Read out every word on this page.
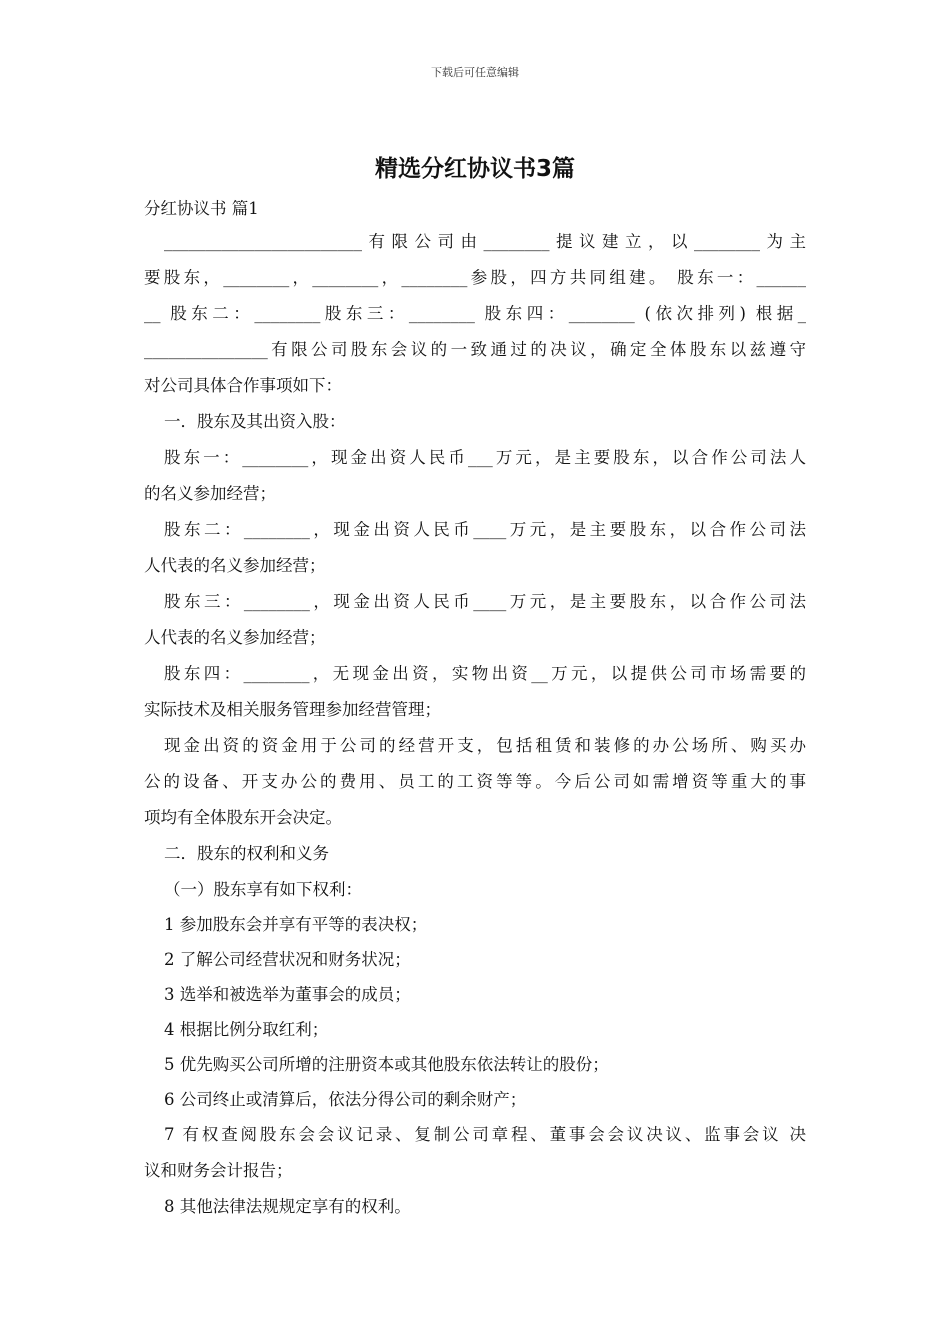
下载后可任意编辑
精选分红协议书3篇
分红协议书 篇1
________________________有限公司由________提议建立，以________为主
要股东，________，________，________参股，四方共同组建。 股东一：______
__ 股东二：________股东三：________ 股东四：________ (依次排列) 根据_
_______________有限公司股东会议的一致通过的决议，确定全体股东以兹遵守
对公司具体合作事项如下：
一．股东及其出资入股：
股东一：________，现金出资人民币___万元，是主要股东，以合作公司法人
的名义参加经营；
股东二：________，现金出资人民币____万元，是主要股东，以合作公司法
人代表的名义参加经营；
股东三：________，现金出资人民币____万元，是主要股东，以合作公司法
人代表的名义参加经营；
股东四：________，无现金出资，实物出资__万元，以提供公司市场需要的
实际技术及相关服务管理参加经营管理；
现金出资的资金用于公司的经营开支，包括租赁和装修的办公场所、购买办
公的设备、开支办公的费用、员工的工资等等。今后公司如需增资等重大的事
项均有全体股东开会决定。
二．股东的权利和义务
（一）股东享有如下权利：
1 参加股东会并享有平等的表决权；
2 了解公司经营状况和财务状况；
3 选举和被选举为董事会的成员；
4 根据比例分取红利；
5 优先购买公司所增的注册资本或其他股东依法转让的股份；
6 公司终止或清算后，依法分得公司的剩余财产；
7 有权查阅股东会会议记录、复制公司章程、董事会会议决议、监事会议 决
议和财务会计报告；
8 其他法律法规规定享有的权利。
